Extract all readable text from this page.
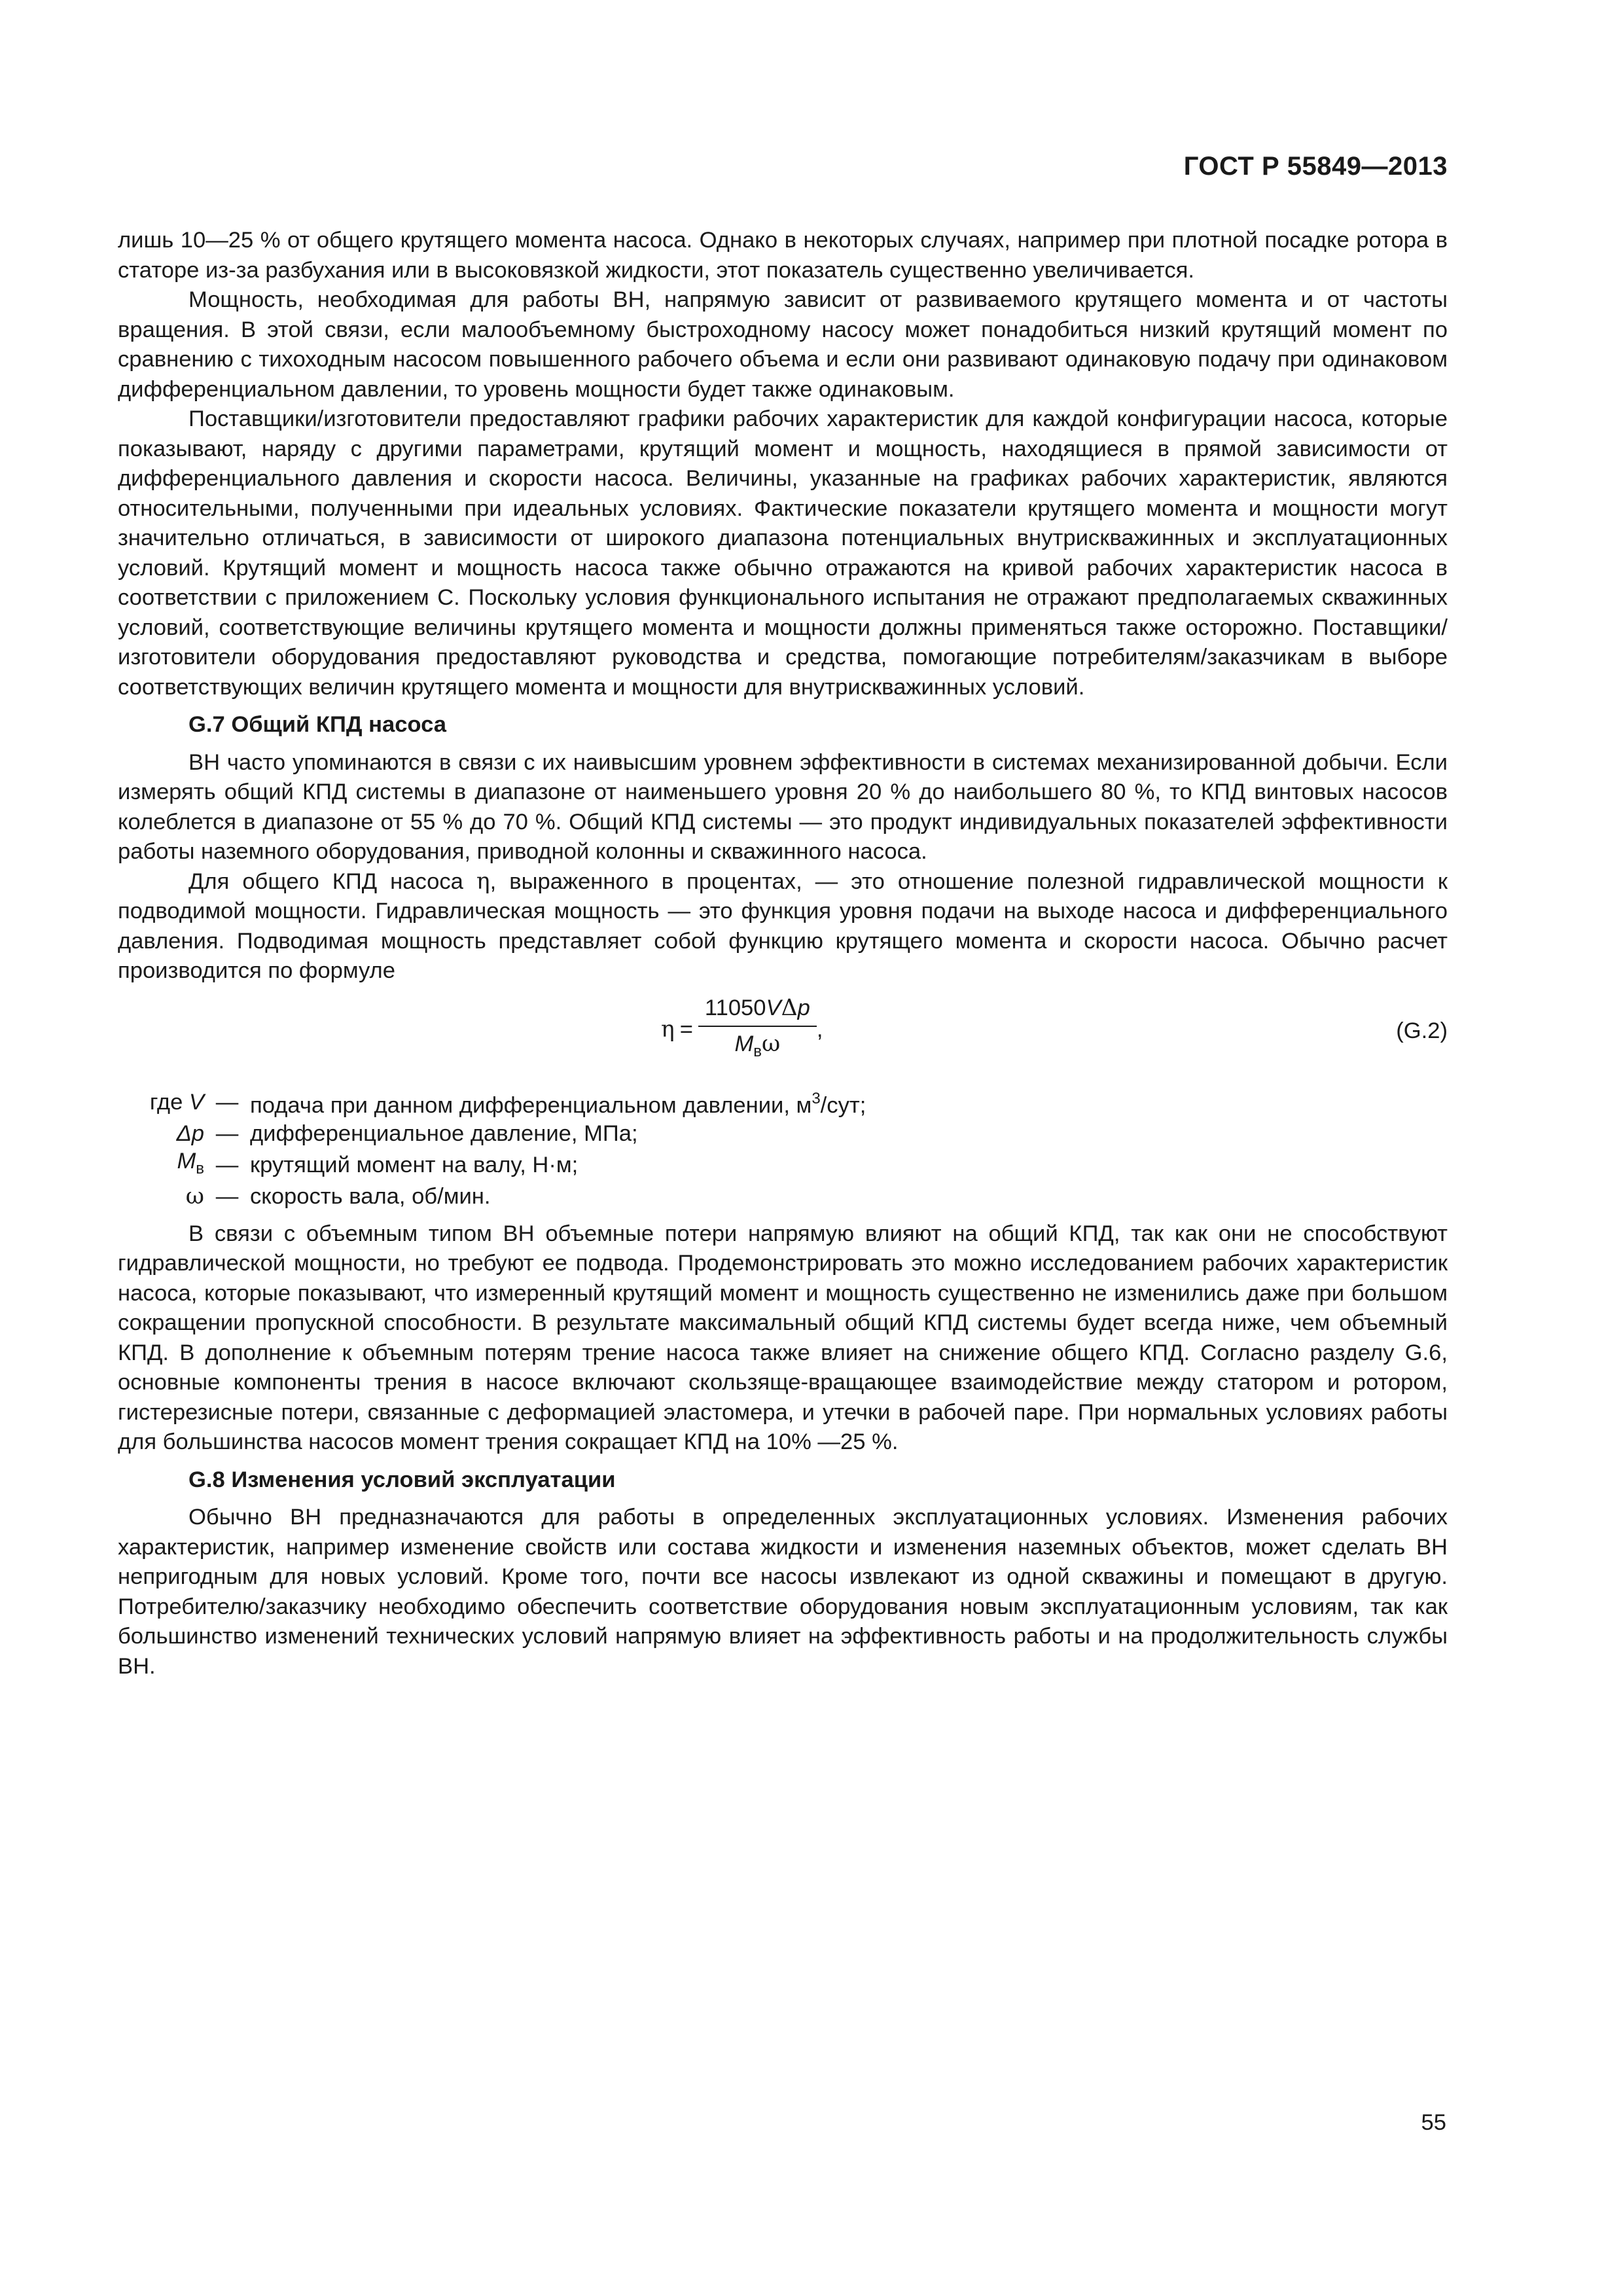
ГОСТ Р 55849—2013

лишь 10—25 % от общего крутящего момента насоса. Однако в некоторых случаях, например при плотной посадке ротора в статоре из-за разбухания или в высоковязкой жидкости, этот показатель существенно увеличивается.

Мощность, необходимая для работы ВН, напрямую зависит от развиваемого крутящего момента и от частоты вращения. В этой связи, если малообъемному быстроходному насосу может понадобиться низкий крутящий момент по сравнению с тихоходным насосом повышенного рабочего объема и если они развивают одинаковую подачу при одинаковом дифференциальном давлении, то уровень мощности будет также одинаковым.

Поставщики/изготовители предоставляют графики рабочих характеристик для каждой конфигурации насоса, которые показывают, наряду с другими параметрами, крутящий момент и мощность, находящиеся в прямой зависимости от дифференциального давления и скорости насоса. Величины, указанные на графиках рабочих характеристик, являются относительными, полученными при идеальных условиях. Фактические показатели крутящего момента и мощности могут значительно отличаться, в зависимости от широкого диапазона потенциальных внутрискважинных и эксплуатационных условий. Крутящий момент и мощность насоса также обычно отражаются на кривой рабочих характеристик насоса в соответствии с приложением С. Поскольку условия функционального испытания не отражают предполагаемых скважинных условий, соответствующие величины крутящего момента и мощности должны применяться также осторожно. Поставщики/изготовители оборудования предоставляют руководства и средства, помогающие потребителям/заказчикам в выборе соответствующих величин крутящего момента и мощности для внутрискважинных условий.

G.7 Общий КПД насоса

ВН часто упоминаются в связи с их наивысшим уровнем эффективности в системах механизированной добычи. Если измерять общий КПД системы в диапазоне от наименьшего уровня 20 % до наибольшего 80 %, то КПД винтовых насосов колеблется в диапазоне от 55 % до 70 %. Общий КПД системы — это продукт индивидуальных показателей эффективности работы наземного оборудования, приводной колонны и скважинного насоса.

Для общего КПД насоса η, выраженного в процентах, — это отношение полезной гидравлической мощности к подводимой мощности. Гидравлическая мощность — это функция уровня подачи на выходе насоса и дифференциального давления. Подводимая мощность представляет собой функцию крутящего момента и скорости насоса. Обычно расчет производится по формуле

$\eta = \frac{\text{11050VΔp}}{M_в\omega}$ ,	(G.2)
где V — подача при данном дифференциальном давлении, $м^3$/сут;
Δp — дифференциальное давление, МПа;
$M_в$ — крутящий момент на валу, Н·м;
ω — скорость вала, об/мин.

В связи с объемным типом ВН объемные потери напрямую влияют на общий КПД, так как они не способствуют гидравлической мощности, но требуют ее подвода. Продемонстрировать это можно исследованием рабочих характеристик насоса, которые показывают, что измеренный крутящий момент и мощность существенно не изменились даже при большом сокращении пропускной способности. В результате максимальный общий КПД системы будет всегда ниже, чем объемный КПД. В дополнение к объемным потерям трение насоса также влияет на снижение общего КПД. Согласно разделу G.6, основные компоненты трения в насосе включают скользяще-вращающее взаимодействие между статором и ротором, гистерезисные потери, связанные с деформацией эластомера, и утечки в рабочей паре. При нормальных условиях работы для большинства насосов момент трения сокращает КПД на 10% —25 %.

G.8 Изменения условий эксплуатации

Обычно ВН предназначаются для работы в определенных эксплуатационных условиях. Изменения рабочих характеристик, например изменение свойств или состава жидкости и изменения наземных объектов, может сделать ВН непригодным для новых условий. Кроме того, почти все насосы извлекают из одной скважины и помещают в другую. Потребителю/заказчику необходимо обеспечить соответствие оборудования новым эксплуатационным условиям, так как большинство изменений технических условий напрямую влияет на эффективность работы и на продолжительность службы ВН.

55
